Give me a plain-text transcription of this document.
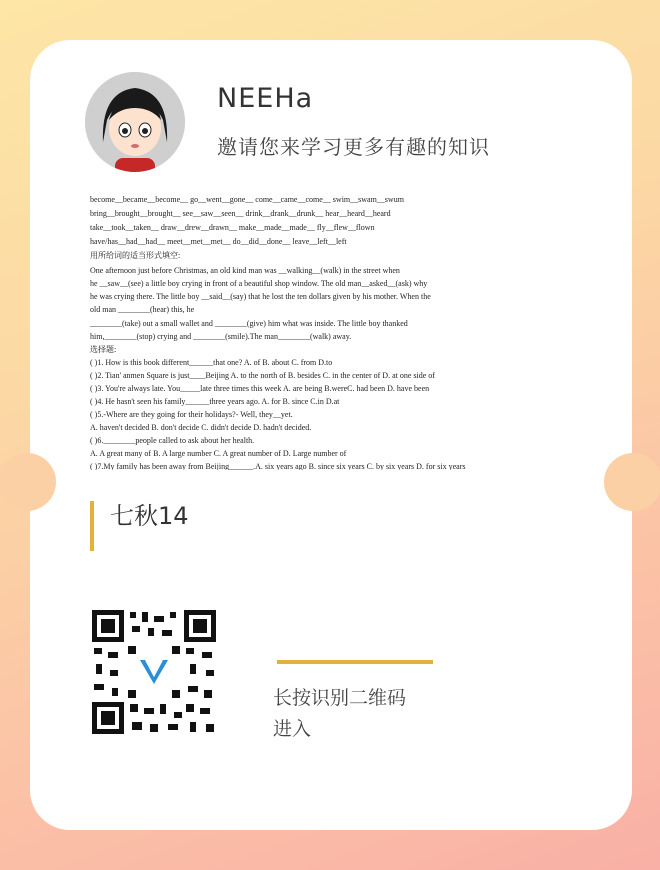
NEEHa
邀请您来学习更多有趣的知识
become__became__become__ go__went__gone__ come__came__come__ swim__swam__swum
bring__brought__brought__ see__saw__seen__ drink__drank__drunk__ hear__heard__heard
take__took__taken__ draw__drew__drawn__ make__made__made__ fly__flew__flown
have/has__had__had__ meet__met__met__ do__did__done__ leave__left__left
用所给词的适当形式填空:
One afternoon just before Christmas, an old kind man was __walking__(walk) in the street when
he __saw__(see) a little boy crying in front of a beautiful shop window. The old man__asked__(ask) why
he was crying there. The little boy __said__(say) that he lost the ten dollars given by his mother. When the
old man ________(hear) this, he
________(take) out a small wallet and ________(give) him what was inside. The little boy thanked
him,________(stop) crying and ________(smile).The man________(walk) away.
选择题:
( )1. How is this book different______that one? A. of B. about C. from D.to
( )2. Tian' anmen Square is just____Beijing A. to the north of B. besides C. in the center of D. at one side of
( )3. You're always late. You_____late three times this week A. are being B.wereC. had been D. have been
( )4. He hasn't seen his family______three years ago. A. for B. since C.in D.at
( )5.-Where are they going for their holidays?- Well, they__yet.
A. haven't decided B. don't decide C. didn't decide D. hadn't decided.
( )6.________people called to ask about her health.
A. A great many of B. A large number C. A great number of D. Large number of
( )7.My family has been away from Beijing______.A. six years ago B. since six years C. by six years D. for six years
七秋14
长按识别二维码
进入
